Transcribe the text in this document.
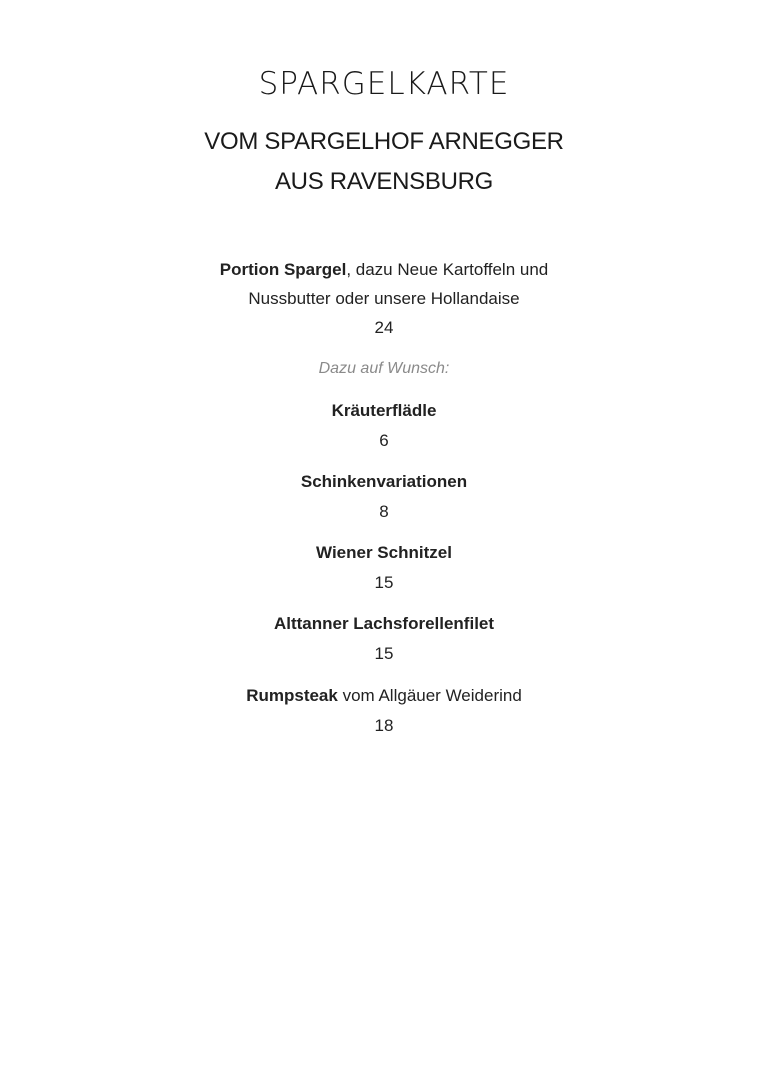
SPARGELKARTE
VOM SPARGELHOF ARNEGGER
AUS RAVENSBURG
Portion Spargel, dazu Neue Kartoffeln und
Nussbutter oder unsere Hollandaise
24
Dazu auf Wunsch:
Kräuterflädle
6
Schinkenvariationen
8
Wiener Schnitzel
15
Alttanner Lachsforellenfilet
15
Rumpsteak vom Allgäuer Weiderind
18
